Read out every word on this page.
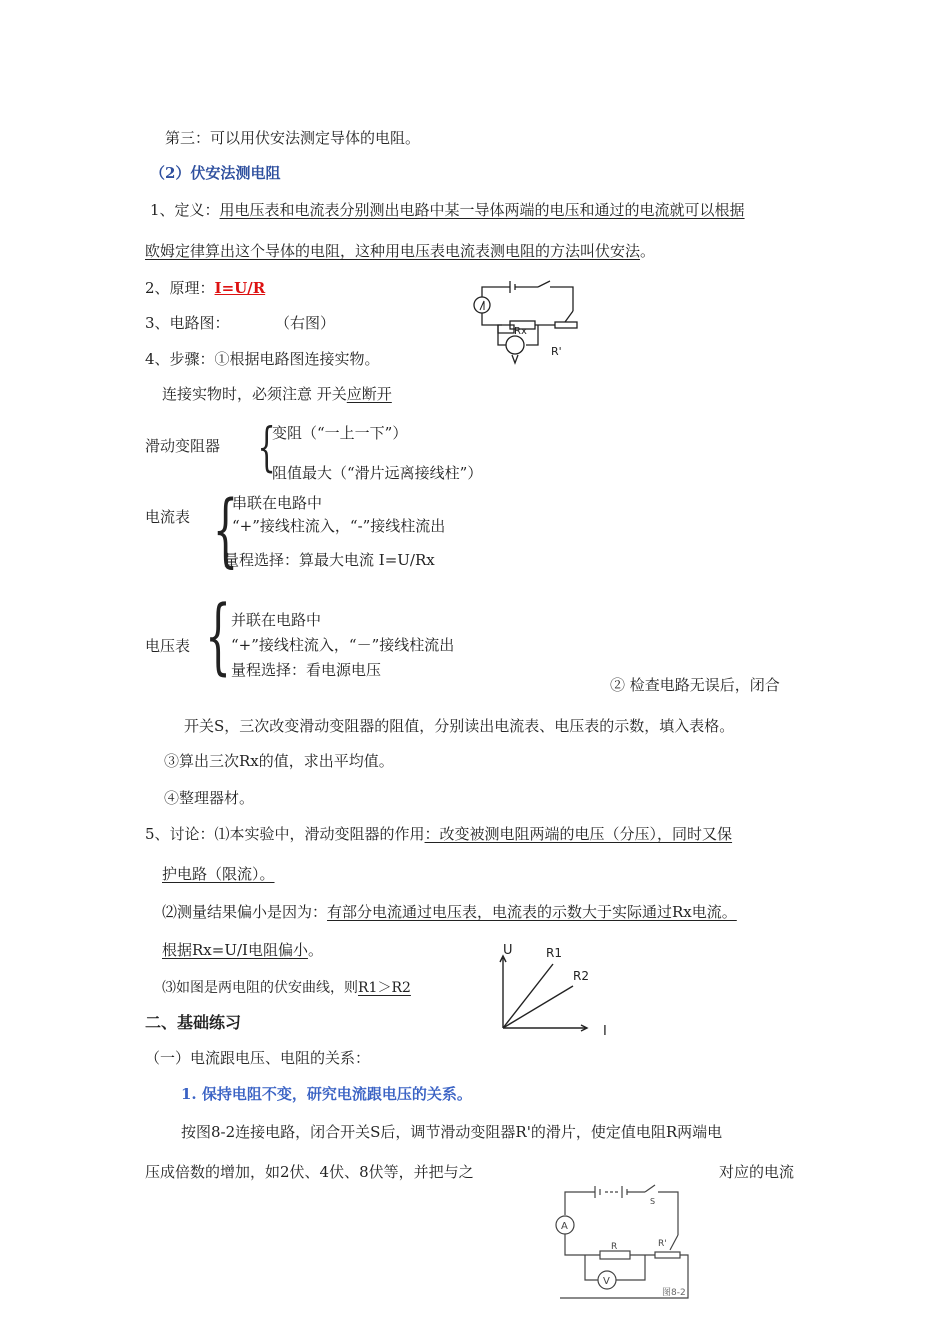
第三：可以用伏安法测定导体的电阻。
（2）伏安法测电阻
1、定义：用电压表和电流表分别测出电路中某一导体两端的电压和通过的电流就可以根据
欧姆定律算出这个导体的电阻，这种用电压表电流表测电阻的方法叫伏安法。
2、原理：I=U/R
3、电路图：	（右图）
4、步骤：①根据电路图连接实物。
连接实物时，必须注意 开关应断开
滑动变阻器 {
变阻（“一上一下”）
阻值最大（“滑片远离接线柱”）
电流表 {
串联在电路中
“+”接线柱流入，“-”接线柱流出
量程选择：算最大电流 I=U/Rx
电压表 { 并联在电路中
“+”接线柱流入，“－”接线柱流出
量程选择：看电源电压
② 检查电路无误后，闭合
开关S，三次改变滑动变阻器的阻值，分别读出电流表、电压表的示数，填入表格。
③算出三次Rx的值，求出平均值。
④整理器材。
5、讨论：⑴本实验中，滑动变阻器的作用：改变被测电阻两端的电压（分压），同时又保
护电路（限流）。
⑵测量结果偏小是因为：有部分电流通过电压表，电流表的示数大于实际通过Rx电流。
根据Rx=U/I电阻偏小。
⑶如图是两电阻的伏安曲线，则R1＞R2
二、基础练习
（一）电流跟电压、电阻的关系：
1. 保持电阻不变，研究电流跟电压的关系。
按图8-2连接电路，闭合开关S后，调节滑动变阻器R'的滑片，使定值电阻R两端电
压成倍数的增加，如2伏、4伏、8伏等，并把与之	对应的电流
Rx
R'
U
I
R1
R2
A
V
R	R'
S
图8-2
